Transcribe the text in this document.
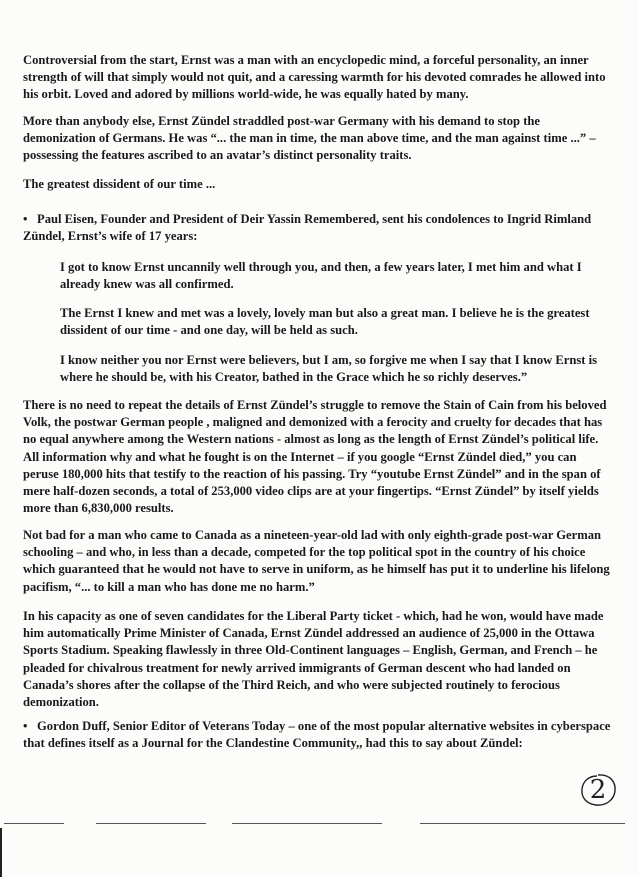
Controversial from the start, Ernst was a man with an encyclopedic mind, a forceful personality, an inner strength of will that simply would not quit, and a caressing warmth for his devoted comrades he allowed into his orbit. Loved and adored by millions world-wide, he was equally hated by many.

More than anybody else, Ernst Zündel straddled post-war Germany with his demand to stop the demonization of Germans. He was “... the man in time, the man above time, and the man against time ...” – possessing the features ascribed to an avatar’s distinct personality traits.

The greatest dissident of our time ...

• Paul Eisen, Founder and President of Deir Yassin Remembered, sent his condolences to Ingrid Rimland Zündel, Ernst’s wife of 17 years:

I got to know Ernst uncannily well through you, and then, a few years later, I met him and what I already knew was all confirmed.

The Ernst I knew and met was a lovely, lovely man but also a great man. I believe he is the greatest dissident of our time - and one day, will be held as such.

I know neither you nor Ernst were believers, but I am, so forgive me when I say that I know Ernst is where he should be, with his Creator, bathed in the Grace which he so richly deserves.”

There is no need to repeat the details of Ernst Zündel’s struggle to remove the Stain of Cain from his beloved Volk, the postwar German people , maligned and demonized with a ferocity and cruelty for decades that has no equal anywhere among the Western nations - almost as long as the length of Ernst Zündel’s political life. All information why and what he fought is on the Internet – if you google “Ernst Zündel died,” you can peruse 180,000 hits that testify to the reaction of his passing. Try “youtube Ernst Zündel” and in the span of mere half-dozen seconds, a total of 253,000 video clips are at your fingertips. “Ernst Zündel” by itself yields more than 6,830,000 results.

Not bad for a man who came to Canada as a nineteen-year-old lad with only eighth-grade post-war German schooling – and who, in less than a decade, competed for the top political spot in the country of his choice which guaranteed that he would not have to serve in uniform, as he himself has put it to underline his lifelong pacifism, “... to kill a man who has done me no harm.”

In his capacity as one of seven candidates for the Liberal Party ticket - which, had he won, would have made him automatically Prime Minister of Canada, Ernst Zündel addressed an audience of 25,000 in the Ottawa Sports Stadium. Speaking flawlessly in three Old-Continent languages – English, German, and French – he pleaded for chivalrous treatment for newly arrived immigrants of German descent who had landed on Canada’s shores after the collapse of the Third Reich, and who were subjected routinely to ferocious demonization.

• Gordon Duff, Senior Editor of Veterans Today – one of the most popular alternative websites in cyberspace that defines itself as a Journal for the Clandestine Community,, had this to say about Zündel:

2
